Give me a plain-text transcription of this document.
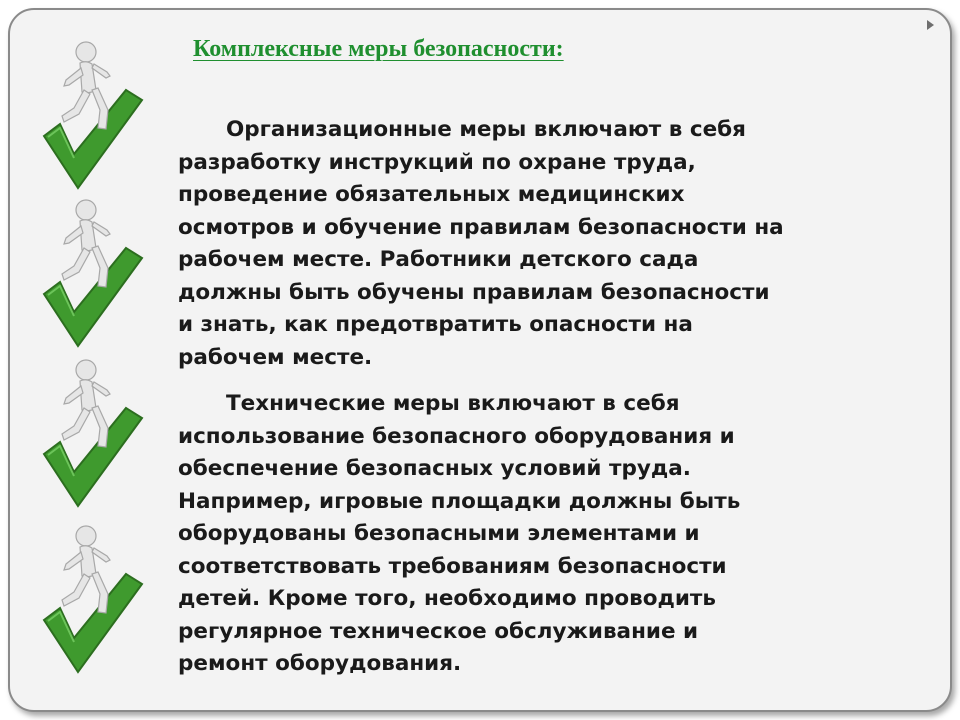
Комплексные меры безопасности:

Организационные меры включают в себя
разработку инструкций по охране труда,
проведение обязательных медицинских
осмотров и обучение правилам безопасности на
рабочем месте. Работники детского сада
должны быть обучены правилам безопасности
и знать, как предотвратить опасности на
рабочем месте.

Технические меры включают в себя
использование безопасного оборудования и
обеспечение безопасных условий труда.
Например, игровые площадки должны быть
оборудованы безопасными элементами и
соответствовать требованиям безопасности
детей. Кроме того, необходимо проводить
регулярное техническое обслуживание и
ремонт оборудования.
